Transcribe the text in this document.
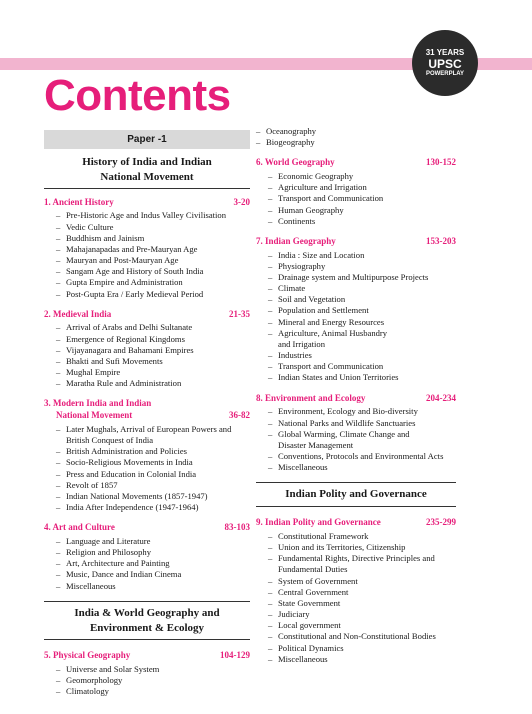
31 YEARS
UPSC
POWERPLAY
Contents
Paper -1
History of India and Indian
National Movement
1. Ancient History	3-20
– Pre-Historic Age and Indus Valley Civilisation
– Vedic Culture
– Buddhism and Jainism
– Mahajanapadas and Pre-Mauryan Age
– Mauryan and Post-Mauryan Age
– Sangam Age and History of South India
– Gupta Empire and Administration
– Post-Gupta Era / Early Medieval Period
2. Medieval India	21-35
– Arrival of Arabs and Delhi Sultanate
– Emergence of Regional Kingdoms
– Vijayanagara and Bahamani Empires
– Bhakti and Sufi Movements
– Mughal Empire
– Maratha Rule and Administration
3. Modern India and Indian
National Movement	36-82
– Later Mughals, Arrival of European Powers and
British Conquest of India
– British Administration and Policies
– Socio-Religious Movements in India
– Press and Education in Colonial India
– Revolt of 1857
– Indian National Movements (1857-1947)
– India After Independence (1947-1964)
4. Art and Culture	83-103
– Language and Literature
– Religion and Philosophy
– Art, Architecture and Painting
– Music, Dance and Indian Cinema
– Miscellaneous
India & World Geography and
Environment & Ecology
5. Physical Geography	104-129
– Universe and Solar System
– Geomorphology
– Climatology
– Oceanography
– Biogeography
6. World Geography	130-152
– Economic Geography
– Agriculture and Irrigation
– Transport and Communication
– Human Geography
– Continents
7. Indian Geography	153-203
– India : Size and Location
– Physiography
– Drainage system and Multipurpose Projects
– Climate
– Soil and Vegetation
– Population and Settlement
– Mineral and Energy Resources
– Agriculture, Animal Husbandry
and Irrigation
– Industries
– Transport and Communication
– Indian States and Union Territories
8. Environment and Ecology	204-234
– Environment, Ecology and Bio-diversity
– National Parks and Wildlife Sanctuaries
– Global Warming, Climate Change and
Disaster Management
– Conventions, Protocols and Environmental Acts
– Miscellaneous
Indian Polity and Governance
9. Indian Polity and Governance	235-299
– Constitutional Framework
– Union and its Territories, Citizenship
– Fundamental Rights, Directive Principles and
Fundamental Duties
– System of Government
– Central Government
– State Government
– Judiciary
– Local government
– Constitutional and Non-Constitutional Bodies
– Political Dynamics
– Miscellaneous
